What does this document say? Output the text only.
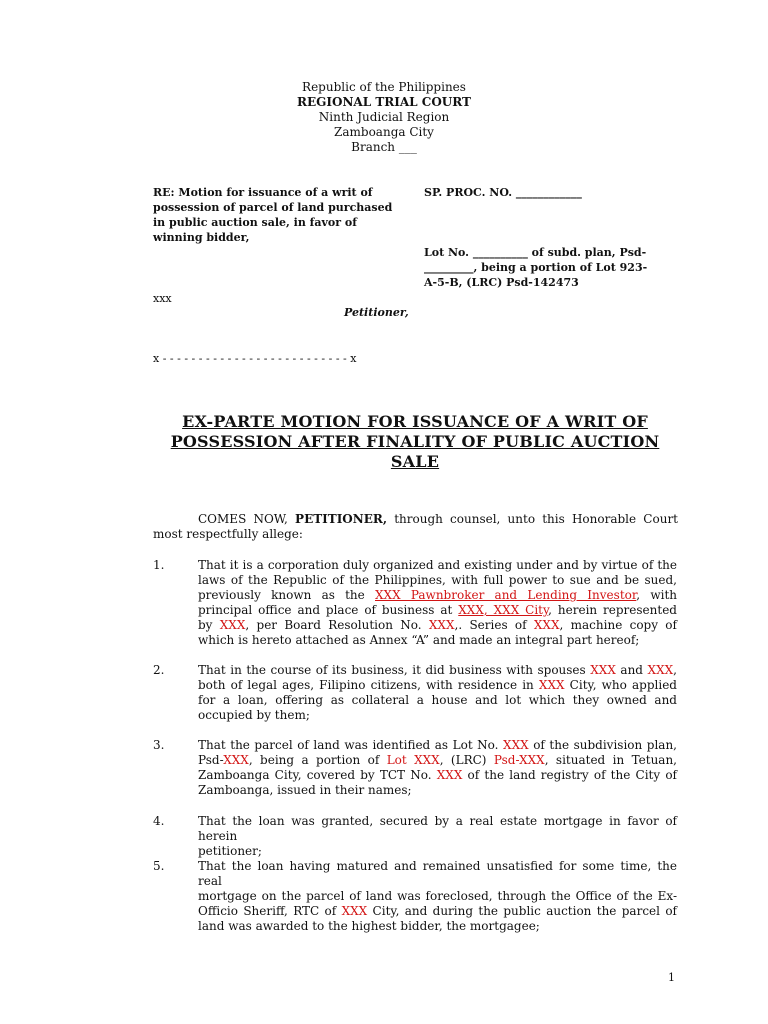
Republic of the Philippines
REGIONAL TRIAL COURT
Ninth Judicial Region
Zamboanga City
Branch ___
RE: Motion for issuance of a writ of
possession of parcel of land purchased
in public auction sale, in favor of
winning bidder,
SP. PROC. NO. ____________
Lot No. __________ of subd. plan, Psd-
_________, being a portion of Lot 923-
A-5-B, (LRC) Psd-142473
xxx
Petitioner,
x - - - - - - - - - - - - - - - - - - - - - - - - - - x
EX-PARTE MOTION FOR ISSUANCE OF A WRIT OF
POSSESSION AFTER FINALITY OF PUBLIC AUCTION
SALE
COMES NOW, PETITIONER, through counsel, unto this Honorable Court
most respectfully allege:
1.	That it is a corporation duly organized and existing under and by virtue of the
laws of the Republic of the Philippines, with full power to sue and be sued,
previously known as the XXX Pawnbroker and Lending Investor, with
principal office and place of business at XXX, XXX City, herein represented
by XXX, per Board Resolution No. XXX,. Series of XXX, machine copy of
which is hereto attached as Annex “A” and made an integral part hereof;
2.	That in the course of its business, it did business with spouses XXX and XXX,
both of legal ages, Filipino citizens, with residence in XXX City, who applied
for a loan, offering as collateral a house and lot which they owned and
occupied by them;
3.	That the parcel of land was identified as Lot No. XXX of the subdivision plan,
Psd-XXX, being a portion of Lot XXX, (LRC) Psd-XXX, situated in Tetuan,
Zamboanga City, covered by TCT No. XXX of the land registry of the City of
Zamboanga, issued in their names;
4.	That the loan was granted, secured by a real estate mortgage in favor of herein
petitioner;
5.	That the loan having matured and remained unsatisfied for some time, the real
mortgage on the parcel of land was foreclosed, through the Office of the Ex-
Officio Sheriff, RTC of XXX City, and during the public auction the parcel of
land was awarded to the highest bidder, the mortgagee;
1
